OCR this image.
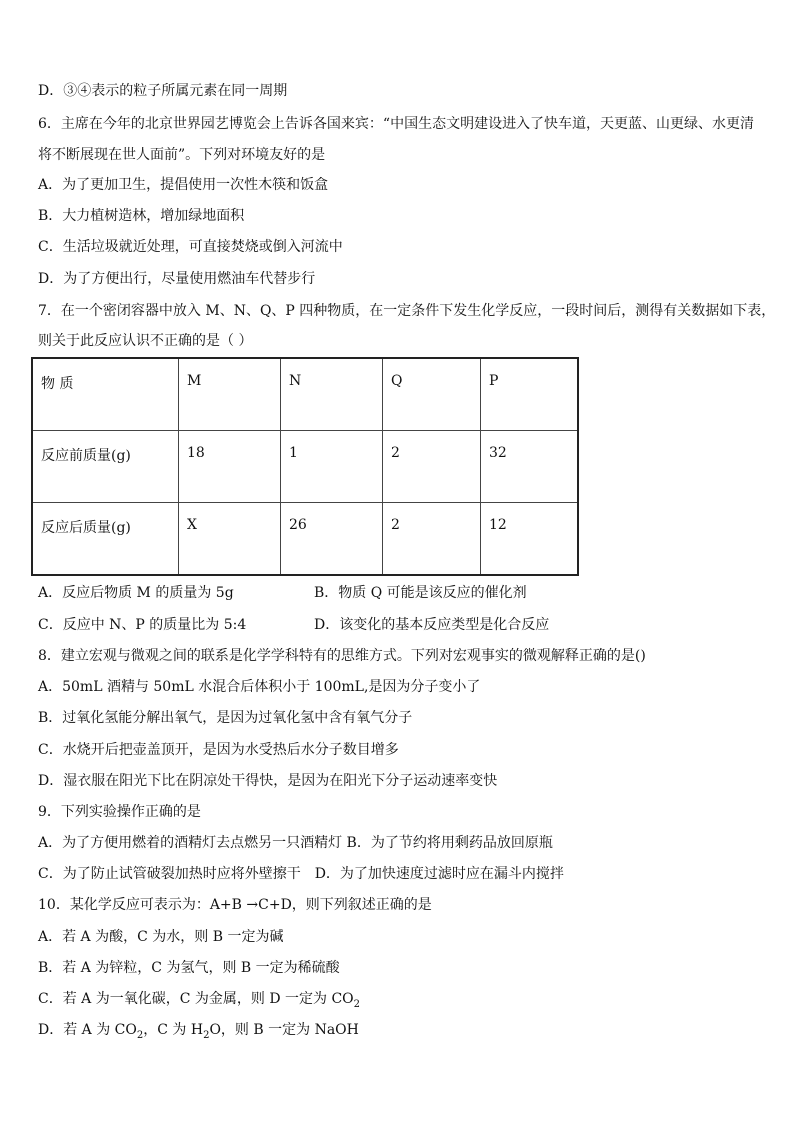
D．③④表示的粒子所属元素在同一周期
6．主席在今年的北京世界园艺博览会上告诉各国来宾：“中国生态文明建设进入了快车道，天更蓝、山更绿、水更清
将不断展现在世人面前”。下列对环境友好的是
A．为了更加卫生，提倡使用一次性木筷和饭盒
B．大力植树造林，增加绿地面积
C．生活垃圾就近处理，可直接焚烧或倒入河流中
D．为了方便出行，尽量使用燃油车代替步行
7．在一个密闭容器中放入 M、N、Q、P 四种物质，在一定条件下发生化学反应，一段时间后，测得有关数据如下表，
则关于此反应认识不正确的是（ ）
物 质	M	N	Q	P
反应前质量(g)	18	1	2	32
反应后质量(g)	X	26	2	12
A．反应后物质 M 的质量为 5g	B．物质 Q 可能是该反应的催化剂
C．反应中 N、P 的质量比为 5:4	D．该变化的基本反应类型是化合反应
8．建立宏观与微观之间的联系是化学学科特有的思维方式。下列对宏观事实的微观解释正确的是()
A．50mL 酒精与 50mL 水混合后体积小于 100mL,是因为分子变小了
B．过氧化氢能分解出氧气，是因为过氧化氢中含有氧气分子
C．水烧开后把壶盖顶开，是因为水受热后水分子数目增多
D．湿衣服在阳光下比在阴凉处干得快，是因为在阳光下分子运动速率变快
9．下列实验操作正确的是
A．为了方便用燃着的酒精灯去点燃另一只酒精灯 B．为了节约将用剩药品放回原瓶
C．为了防止试管破裂加热时应将外壁擦干　D．为了加快速度过滤时应在漏斗内搅拌
10．某化学反应可表示为：A+B →C+D，则下列叙述正确的是
A．若 A 为酸，C 为水，则 B 一定为碱
B．若 A 为锌粒，C 为氢气，则 B 一定为稀硫酸
C．若 A 为一氧化碳，C 为金属，则 D 一定为 $CO_2$
D．若 A 为 $CO_2$，C 为 $H_2O$，则 B 一定为 NaOH
